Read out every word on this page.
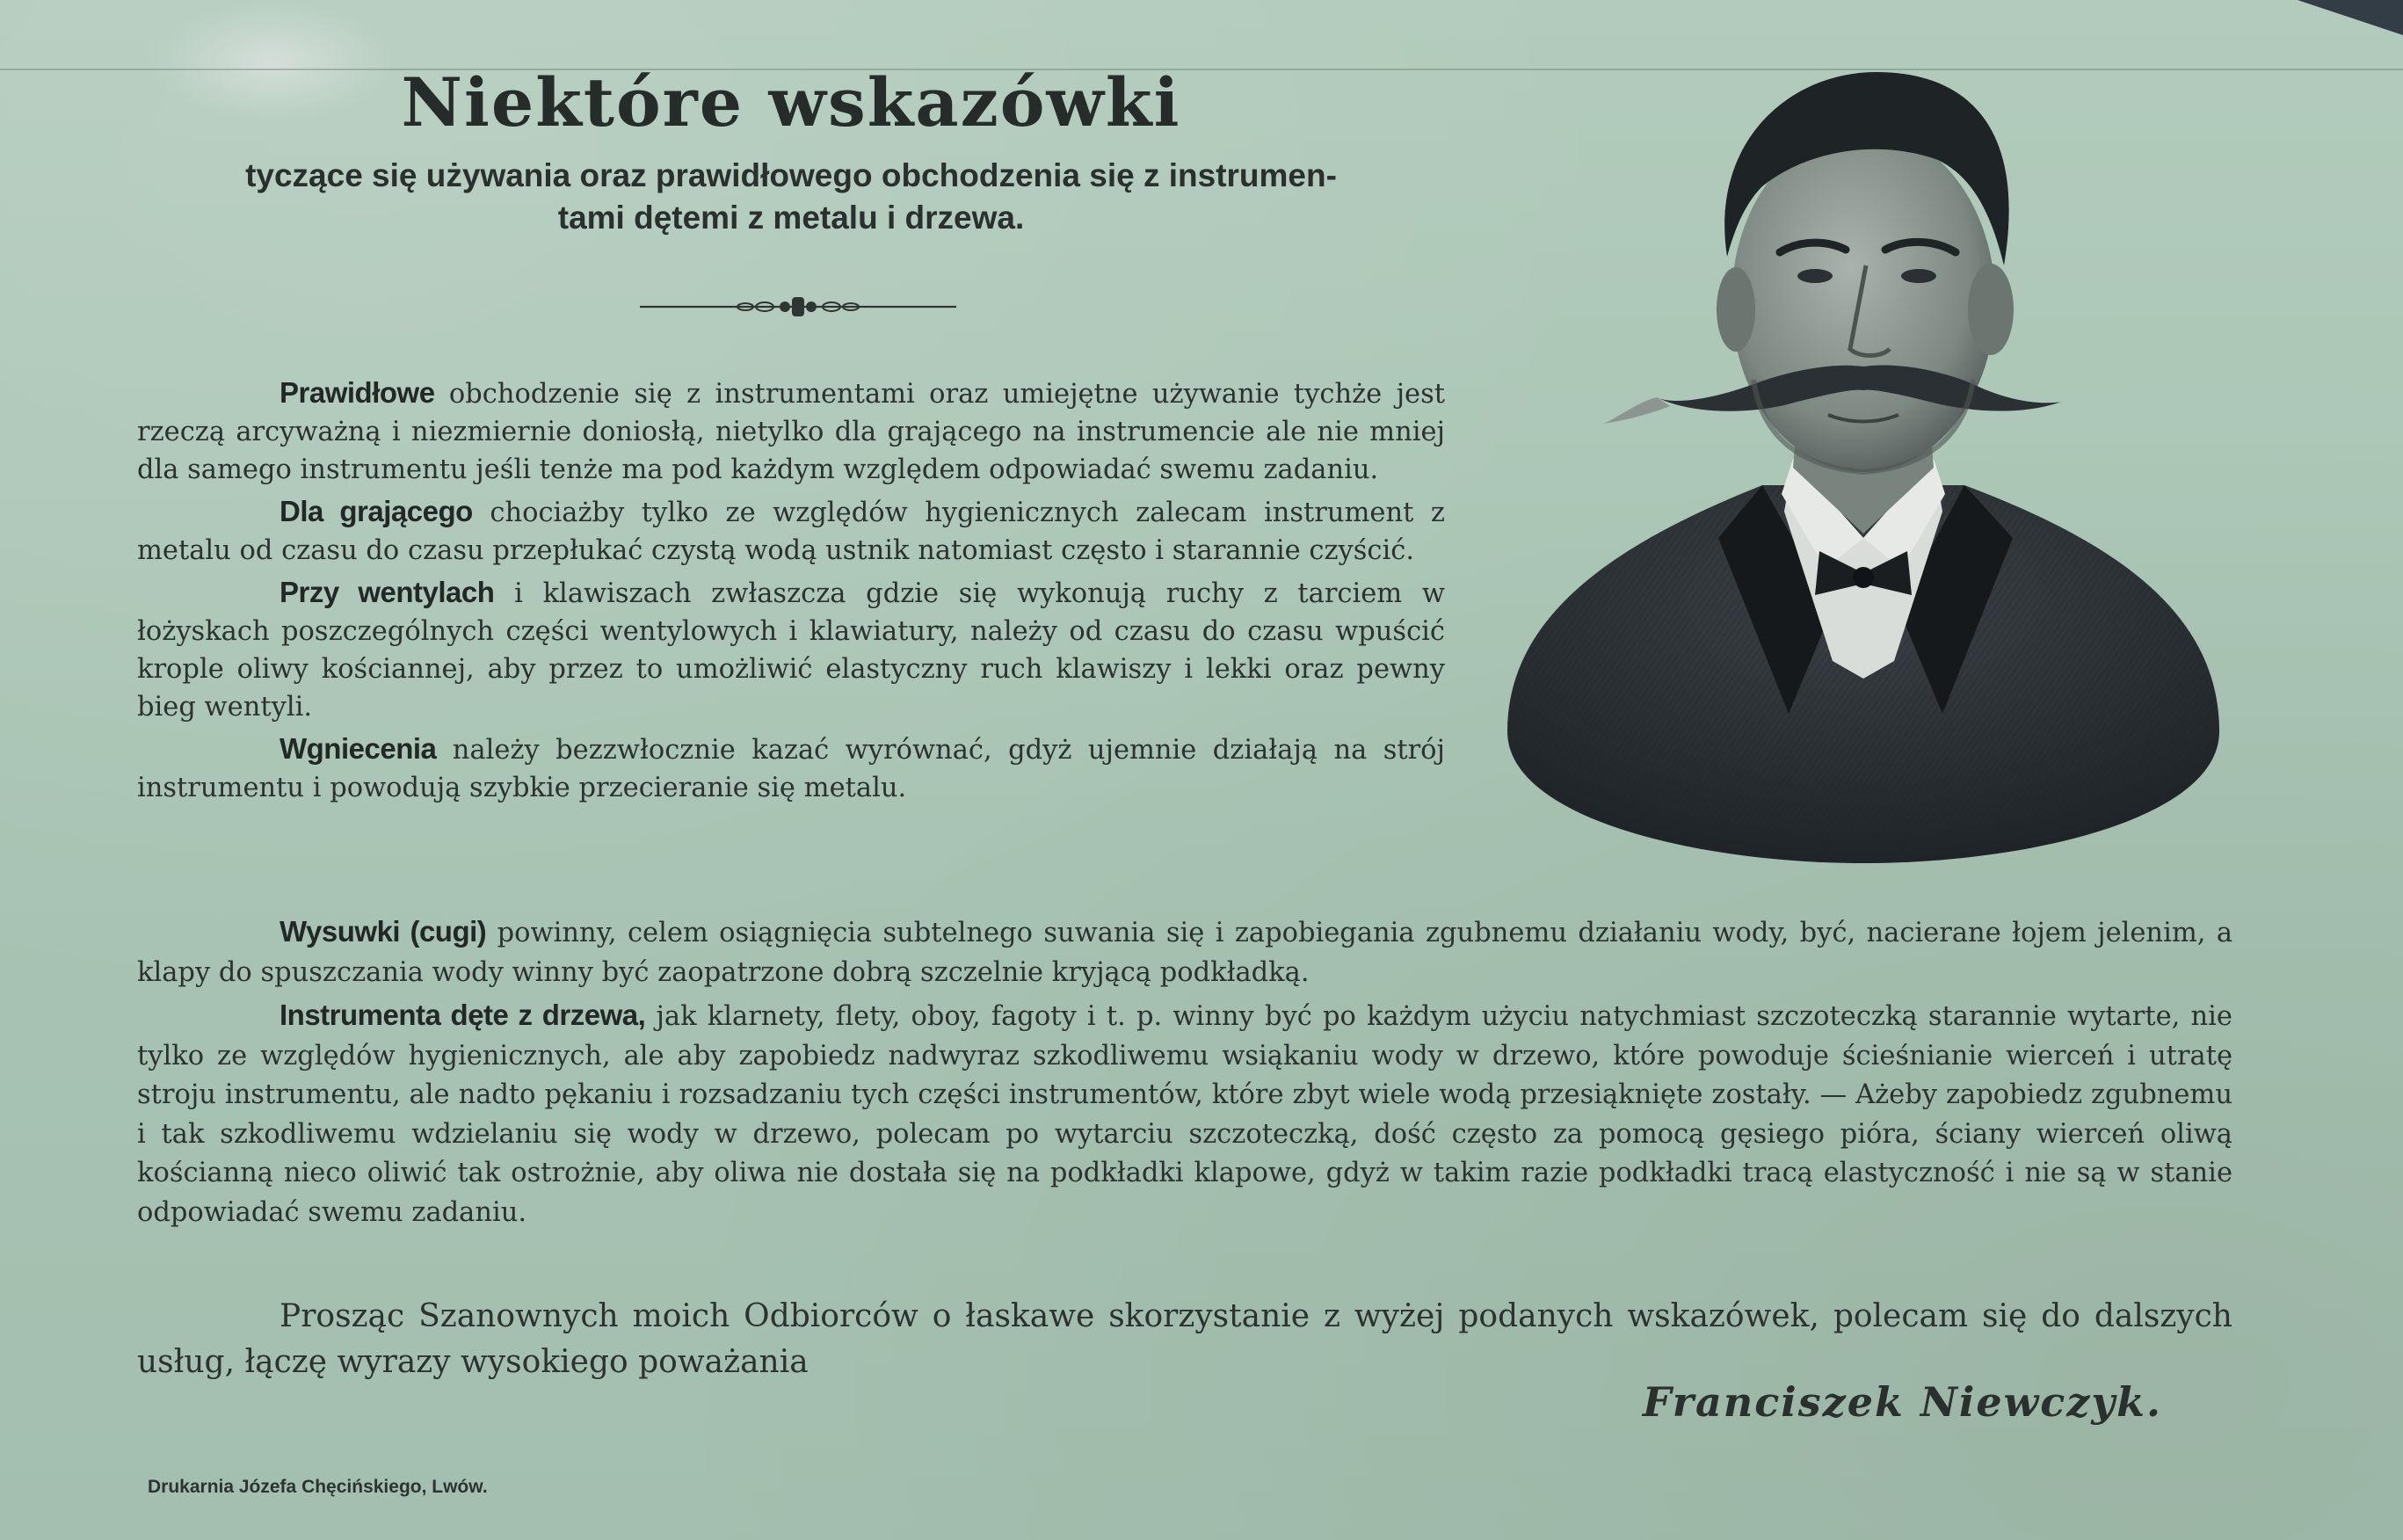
Niektóre wskazówki
tyczące się używania oraz prawidłowego obchodzenia się z instrumen-
tami dętemi z metalu i drzewa.

Prawidłowe obchodzenie się z instrumentami oraz umiejętne używanie tychże jest rzeczą arcyważną i niezmiernie doniosłą, nietylko dla grającego na instrumencie ale nie mniej dla samego instrumentu jeśli tenże ma pod każdym względem odpowiadać swemu zadaniu.

Dla grającego chociażby tylko ze względów hygienicznych zalecam instrument z metalu od czasu do czasu przepłukać czystą wodą ustnik natomiast często i starannie czyścić.

Przy wentylach i klawiszach zwłaszcza gdzie się wykonują ruchy z tarciem w łożyskach poszczególnych części wentylowych i klawiatury, należy od czasu do czasu wpuścić krople oliwy kościannej, aby przez to umożliwić elastyczny ruch klawiszy i lekki oraz pewny bieg wentyli.

Wgniecenia należy bezzwłocznie kazać wyrównać, gdyż ujemnie działają na strój instrumentu i powodują szybkie przecieranie się metalu.

Wysuwki (cugi) powinny, celem osiągnięcia subtelnego suwania się i zapobiegania zgubnemu działaniu wody, być, nacierane łojem jelenim, a klapy do spuszczania wody winny być zaopatrzone dobrą szczelnie kryjącą podkładką.

Instrumenta dęte z drzewa, jak klarnety, flety, oboy, fagoty i t. p. winny być po każdym użyciu natychmiast szczoteczką starannie wytarte, nie tylko ze względów hygienicznych, ale aby zapobiedz nadwyraz szkodliwemu wsiąkaniu wody w drzewo, które powoduje ścieśnianie wierceń i utratę stroju instrumentu, ale nadto pękaniu i rozsadzaniu tych części instrumentów, które zbyt wiele wodą przesiąknięte zostały. — Ażeby zapobiedz zgubnemu i tak szkodliwemu wdzielaniu się wody w drzewo, polecam po wytarciu szczoteczką, dość często za pomocą gęsiego pióra, ściany wierceń oliwą kościanną nieco oliwić tak ostrożnie, aby oliwa nie dostała się na podkładki klapowe, gdyż w takim razie podkładki tracą elastyczność i nie są w stanie odpowiadać swemu zadaniu.

Prosząc Szanownych moich Odbiorców o łaskawe skorzystanie z wyżej podanych wskazówek, polecam się do dalszych usług, łączę wyrazy wysokiego poważania
Franciszek Niewczyk.
Drukarnia Józefa Chęcińskiego, Lwów.
